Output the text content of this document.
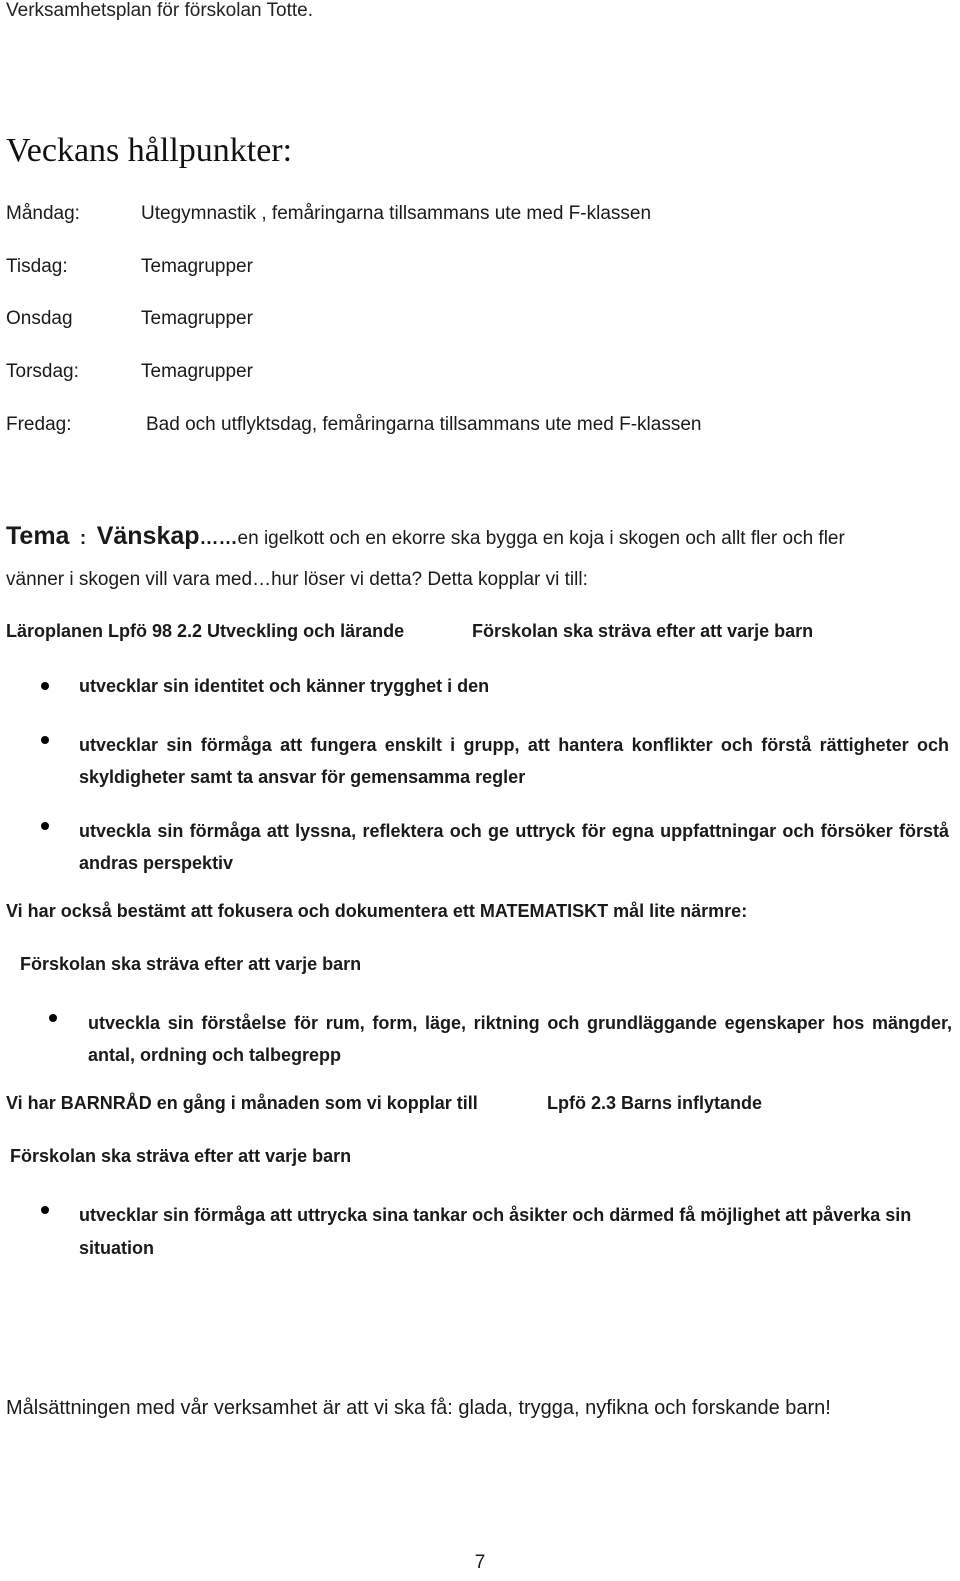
Verksamhetsplan för förskolan Totte.
Veckans hållpunkter:
Måndag:	Utegymnastik , femåringarna tillsammans ute med F-klassen
Tisdag:	Temagrupper
Onsdag	Temagrupper
Torsdag:	Temagrupper
Fredag:	Bad och utflyktsdag, femåringarna tillsammans ute med F-klassen
Tema : Vänskap……en igelkott och en ekorre ska bygga en koja i skogen och allt fler och fler
vänner i skogen vill vara med…hur löser vi detta? Detta kopplar vi till:
Läroplanen Lpfö 98 2.2 Utveckling och lärande	Förskolan ska sträva efter att varje barn
utvecklar sin identitet och känner trygghet i den
utvecklar sin förmåga att fungera enskilt i grupp, att hantera konflikter och förstå rättigheter och skyldigheter samt ta ansvar för gemensamma regler
utveckla sin förmåga att lyssna, reflektera och ge uttryck för egna uppfattningar och försöker förstå andras perspektiv
Vi har också bestämt att fokusera och dokumentera ett MATEMATISKT mål lite närmre:
Förskolan ska sträva efter att varje barn
utveckla sin förståelse för rum, form, läge, riktning och grundläggande egenskaper hos mängder, antal, ordning och talbegrepp
Vi har BARNRÅD en gång i månaden som vi kopplar till	Lpfö 2.3 Barns inflytande
Förskolan ska sträva efter att varje barn
utvecklar sin förmåga att uttrycka sina tankar och åsikter och därmed få möjlighet att påverka sin situation
Målsättningen med vår verksamhet är att vi ska få: glada, trygga, nyfikna och forskande barn!
7
